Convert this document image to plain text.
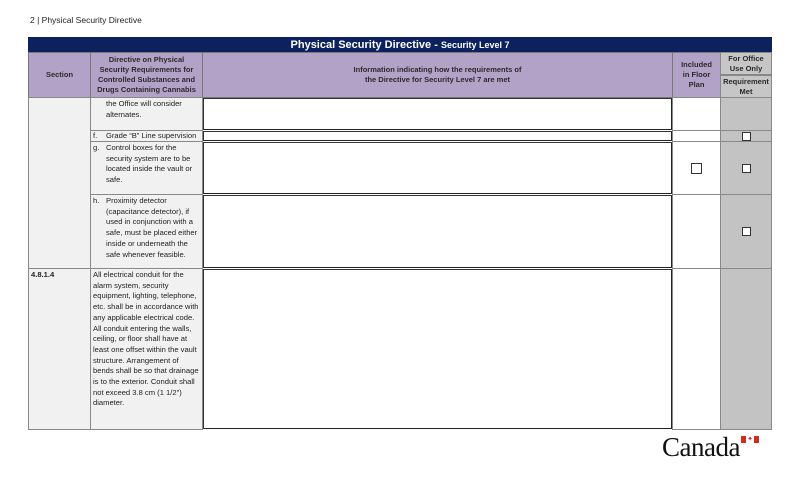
2 | Physical Security Directive
Physical Security Directive - Security Level 7
Section
Directive on Physical Security Requirements for Controlled Substances and Drugs Containing Cannabis
Information indicating how the requirements of the Directive for Security Level 7 are met
Included in Floor Plan
For Office Use Only
Requirement Met
the Office will consider alternates.
f.	Grade “B” Line supervision
g. Control boxes for the security system are to be located inside the vault or safe.
h. Proximity detector (capacitance detector), if used in conjunction with a safe, must be placed either inside or underneath the safe whenever feasible.
4.8.1.4	All electrical conduit for the alarm system, security equipment, lighting, telephone, etc. shall be in accordance with any applicable electrical code. All conduit entering the walls, ceiling, or floor shall have at least one offset within the vault structure. Arrangement of bends shall be so that drainage is to the exterior. Conduit shall not exceed 3.8 cm (1 1/2") diameter.
Canada ✦
